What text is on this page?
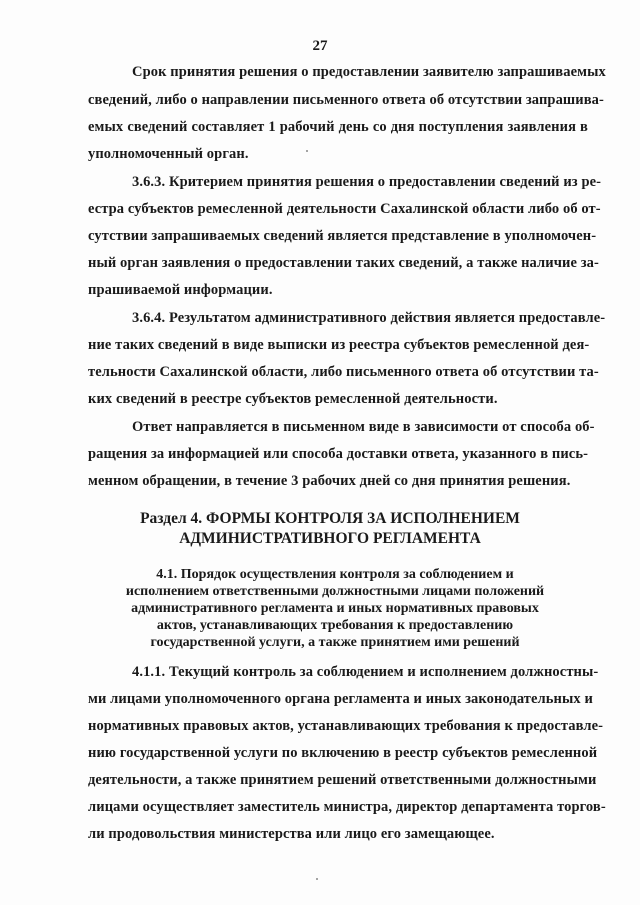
27
Срок принятия решения о предоставлении заявителю запрашиваемых
сведений, либо о направлении письменного ответа об отсутствии запрашива-
емых сведений составляет 1 рабочий день со дня поступления заявления в
уполномоченный орган.
3.6.3. Критерием принятия решения о предоставлении сведений из ре-
естра субъектов ремесленной деятельности Сахалинской области либо об от-
сутствии запрашиваемых сведений является представление в уполномочен-
ный орган заявления о предоставлении таких сведений, а также наличие за-
прашиваемой информации.
3.6.4. Результатом административного действия является предоставле-
ние таких сведений в виде выписки из реестра субъектов ремесленной дея-
тельности Сахалинской области, либо письменного ответа об отсутствии та-
ких сведений в реестре субъектов ремесленной деятельности.
Ответ направляется в письменном виде в зависимости от способа об-
ращения за информацией или способа доставки ответа, указанного в пись-
менном обращении, в течение 3 рабочих дней со дня принятия решения.
Раздел 4. ФОРМЫ КОНТРОЛЯ ЗА ИСПОЛНЕНИЕМ
АДМИНИСТРАТИВНОГО РЕГЛАМЕНТА
4.1. Порядок осуществления контроля за соблюдением и
исполнением ответственными должностными лицами положений
административного регламента и иных нормативных правовых
актов, устанавливающих требования к предоставлению
государственной услуги, а также принятием ими решений
4.1.1. Текущий контроль за соблюдением и исполнением должностны-
ми лицами уполномоченного органа регламента и иных законодательных и
нормативных правовых актов, устанавливающих требования к предоставле-
нию государственной услуги по включению в реестр субъектов ремесленной
деятельности, а также принятием решений ответственными должностными
лицами осуществляет заместитель министра, директор департамента торгов-
ли продовольствия министерства или лицо его замещающее.
